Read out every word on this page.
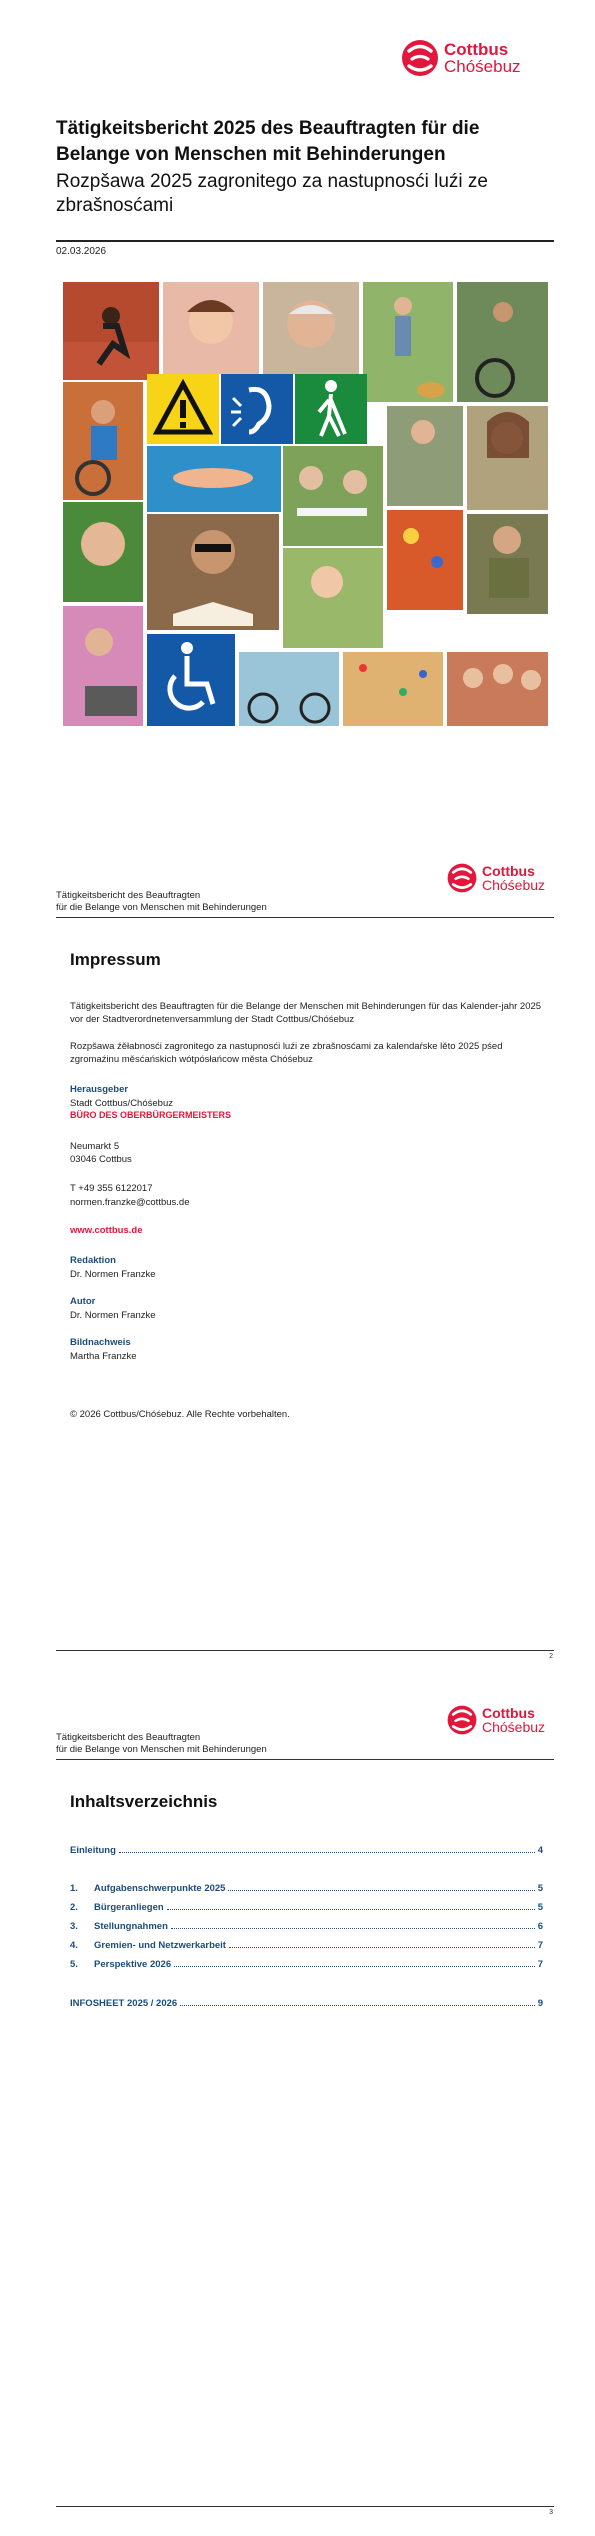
Cottbus
Chóśebuz
Tätigkeitsbericht 2025 des Beauftragten für die Belange von Menschen mit Behinderungen
Rozpšawa 2025 zagronitego za nastupnosći luźi ze zbrašnosćami
02.03.2026
Cottbus
Chóśebuz
Tätigkeitsbericht des Beauftragten
für die Belange von Menschen mit Behinderungen
Impressum
Tätigkeitsbericht des Beauftragten für die Belange der Menschen mit Behinderungen für das Kalender-jahr 2025 vor der Stadtverordnetenversammlung der Stadt Cottbus/Chóśebuz
Rozpšawa źěłabnosći zagronitego za nastupnosći luźi ze zbrašnosćami za kalendaŕske lěto 2025 pśed zgromaźinu měsćańskich wótpósłańcow města Chóśebuz
Herausgeber
Stadt Cottbus/Chóśebuz
BÜRO DES OBERBÜRGERMEISTERS
Neumarkt 5
03046 Cottbus
T +49 355 6122017
normen.franzke@cottbus.de
www.cottbus.de
Redaktion
Dr. Normen Franzke
Autor
Dr. Normen Franzke
Bildnachweis
Martha Franzke
© 2026 Cottbus/Chóśebuz. Alle Rechte vorbehalten.
2
Cottbus
Chóśebuz
Tätigkeitsbericht des Beauftragten
für die Belange von Menschen mit Behinderungen
Inhaltsverzeichnis
Einleitung	4
1.	Aufgabenschwerpunkte 2025	5
2.	Bürgeranliegen	5
3.	Stellungnahmen	6
4.	Gremien- und Netzwerkarbeit	7
5.	Perspektive 2026	7
INFOSHEET 2025 / 2026	9
3
